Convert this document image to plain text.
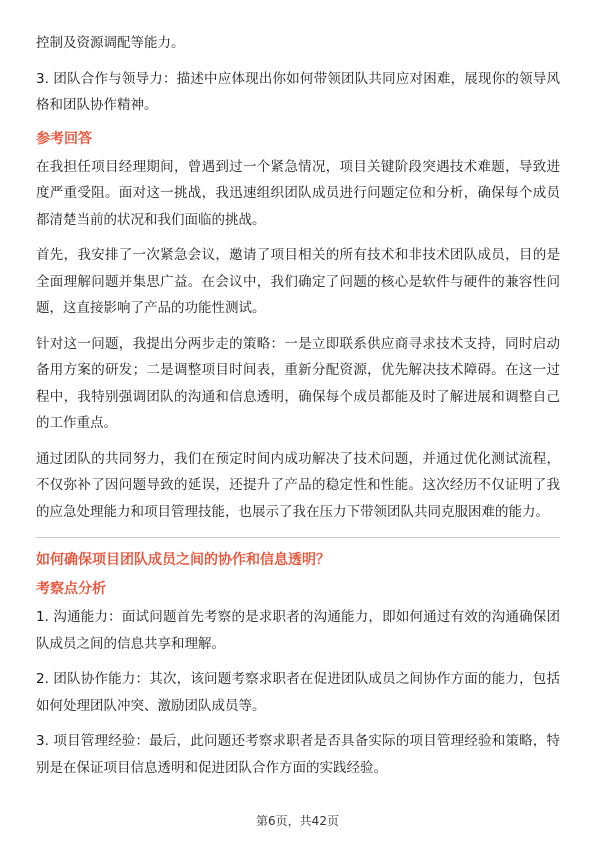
控制及资源调配等能力。

3. 团队合作与领导力：描述中应体现出你如何带领团队共同应对困难，展现你的领导风格和团队协作精神。

参考回答

在我担任项目经理期间，曾遇到过一个紧急情况，项目关键阶段突遇技术难题，导致进度严重受阻。面对这一挑战，我迅速组织团队成员进行问题定位和分析，确保每个成员都清楚当前的状况和我们面临的挑战。

首先，我安排了一次紧急会议，邀请了项目相关的所有技术和非技术团队成员，目的是全面理解问题并集思广益。在会议中，我们确定了问题的核心是软件与硬件的兼容性问题，这直接影响了产品的功能性测试。

针对这一问题，我提出分两步走的策略：一是立即联系供应商寻求技术支持，同时启动备用方案的研发；二是调整项目时间表，重新分配资源，优先解决技术障碍。在这一过程中，我特别强调团队的沟通和信息透明，确保每个成员都能及时了解进展和调整自己的工作重点。

通过团队的共同努力，我们在预定时间内成功解决了技术问题，并通过优化测试流程，不仅弥补了因问题导致的延误，还提升了产品的稳定性和性能。这次经历不仅证明了我的应急处理能力和项目管理技能，也展示了我在压力下带领团队共同克服困难的能力。

如何确保项目团队成员之间的协作和信息透明？
考察点分析

1. 沟通能力：面试问题首先考察的是求职者的沟通能力，即如何通过有效的沟通确保团队成员之间的信息共享和理解。

2. 团队协作能力：其次，该问题考察求职者在促进团队成员之间协作方面的能力，包括如何处理团队冲突、激励团队成员等。

3. 项目管理经验：最后，此问题还考察求职者是否具备实际的项目管理经验和策略，特别是在保证项目信息透明和促进团队合作方面的实践经验。

第6页，共42页
